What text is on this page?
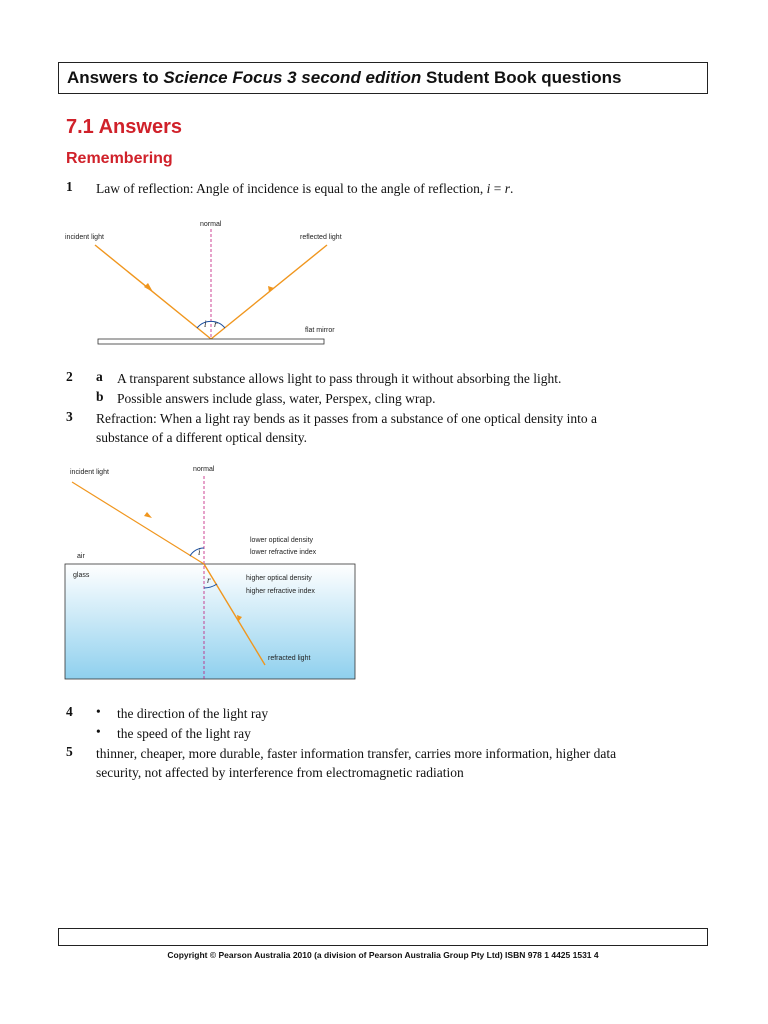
Answers to Science Focus 3 second edition Student Book questions
7.1 Answers
Remembering
1 Law of reflection: Angle of incidence is equal to the angle of reflection, i = r.
normal
incident light	reflected light
flat mirror
i r
2 a A transparent substance allows light to pass through it without absorbing the light.
b Possible answers include glass, water, Perspex, cling wrap.
3 Refraction: When a light ray bends as it passes from a substance of one optical density into a
substance of a different optical density.
incident light	normal
lower optical density
lower refractive index
air
glass	higher optical density
higher refractive index
refracted light
i
r
4 • the direction of the light ray
• the speed of the light ray
5 thinner, cheaper, more durable, faster information transfer, carries more information, higher data
security, not affected by interference from electromagnetic radiation
Copyright © Pearson Australia 2010 (a division of Pearson Australia Group Pty Ltd) ISBN 978 1 4425 1531 4
